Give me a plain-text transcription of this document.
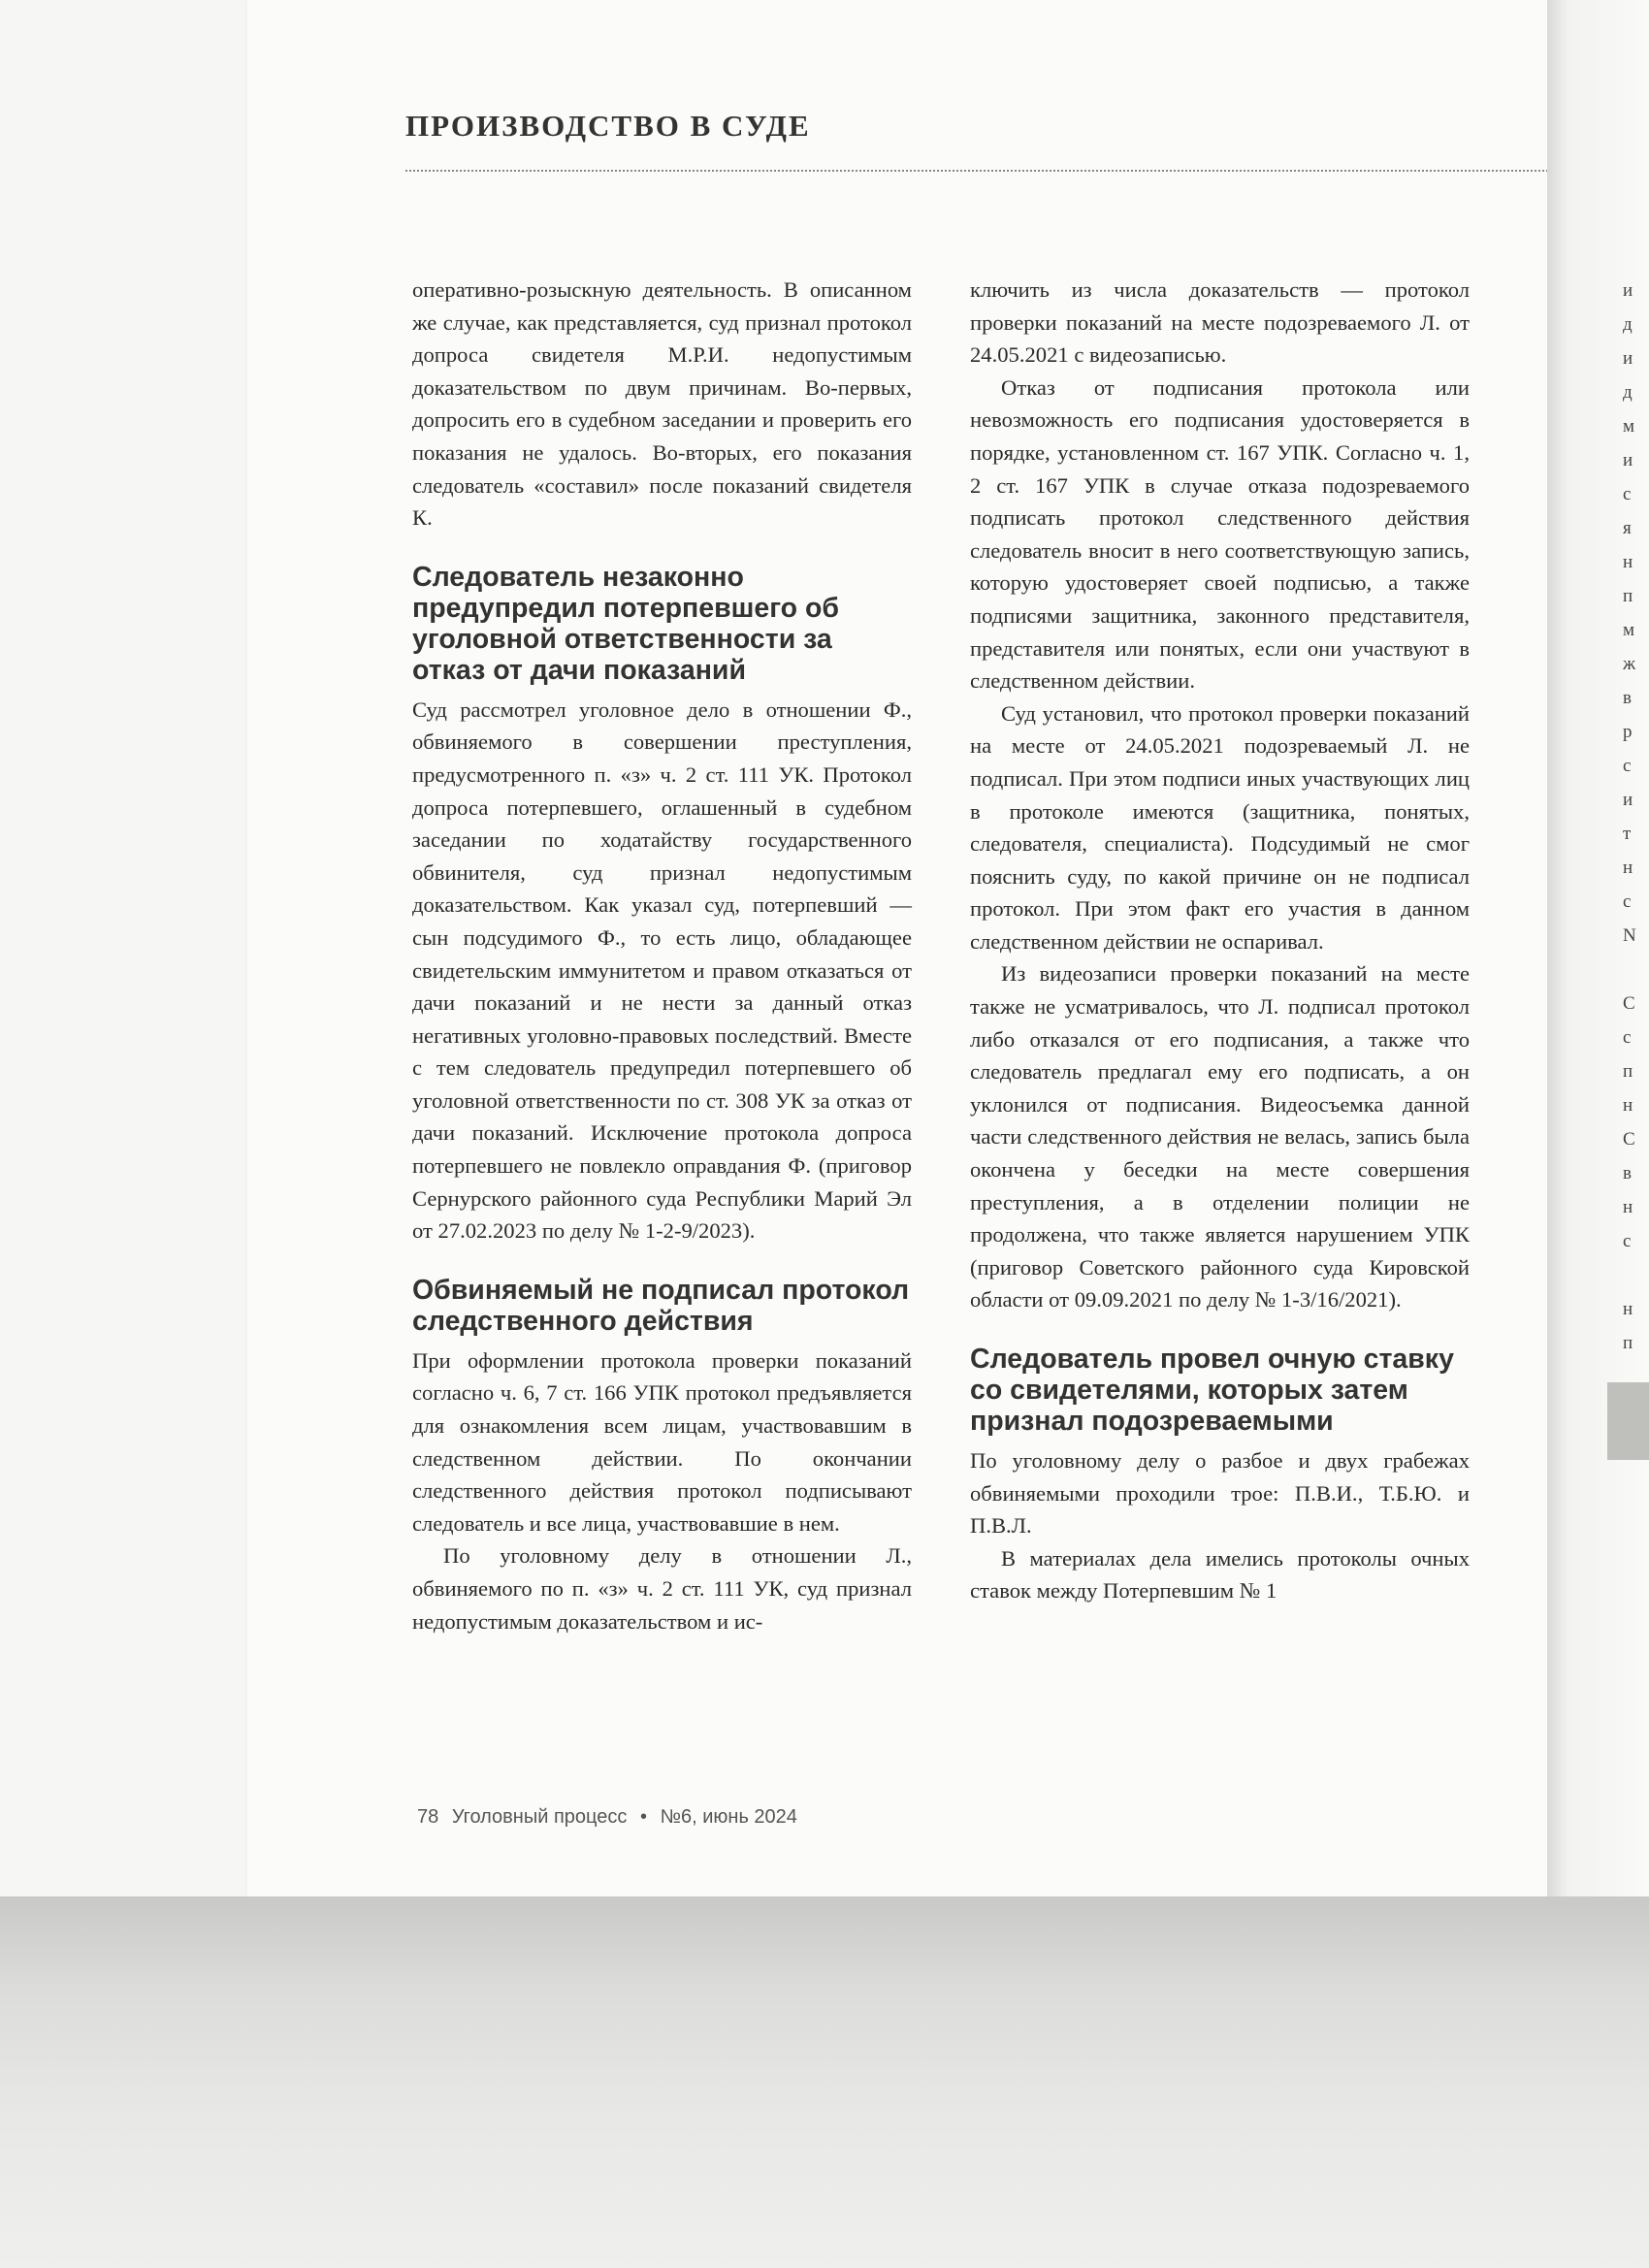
ПРОИЗВОДСТВО В СУДЕ

оперативно-розыскную деятельность. В описанном же случае, как представляется, суд признал протокол допроса свидетеля М.Р.И. недопустимым доказательством по двум причинам. Во-первых, допросить его в судебном заседании и проверить его показания не удалось. Во-вторых, его показания следователь «составил» после показаний свидетеля К.

Следователь незаконно предупредил потерпевшего об уголовной ответственности за отказ от дачи показаний

Суд рассмотрел уголовное дело в отношении Ф., обвиняемого в совершении преступления, предусмотренного п. «з» ч. 2 ст. 111 УК. Протокол допроса потерпевшего, оглашенный в судебном заседании по ходатайству государственного обвинителя, суд признал недопустимым доказательством. Как указал суд, потерпевший — сын подсудимого Ф., то есть лицо, обладающее свидетельским иммунитетом и правом отказаться от дачи показаний и не нести за данный отказ негативных уголовно-правовых последствий. Вместе с тем следователь предупредил потерпевшего об уголовной ответственности по ст. 308 УК за отказ от дачи показаний. Исключение протокола допроса потерпевшего не повлекло оправдания Ф. (приговор Сернурского районного суда Республики Марий Эл от 27.02.2023 по делу № 1-2-9/2023).

Обвиняемый не подписал протокол следственного действия

При оформлении протокола проверки показаний согласно ч. 6, 7 ст. 166 УПК протокол предъявляется для ознакомления всем лицам, участвовавшим в следственном действии. По окончании следственного действия протокол подписывают следователь и все лица, участвовавшие в нем.

По уголовному делу в отношении Л., обвиняемого по п. «з» ч. 2 ст. 111 УК, суд признал недопустимым доказательством и ис-

ключить из числа доказательств — протокол проверки показаний на месте подозреваемого Л. от 24.05.2021 с видеозаписью.

Отказ от подписания протокола или невозможность его подписания удостоверяется в порядке, установленном ст. 167 УПК. Согласно ч. 1, 2 ст. 167 УПК в случае отказа подозреваемого подписать протокол следственного действия следователь вносит в него соответствующую запись, которую удостоверяет своей подписью, а также подписями защитника, законного представителя, представителя или понятых, если они участвуют в следственном действии.

Суд установил, что протокол проверки показаний на месте от 24.05.2021 подозреваемый Л. не подписал. При этом подписи иных участвующих лиц в протоколе имеются (защитника, понятых, следователя, специалиста). Подсудимый не смог пояснить суду, по какой причине он не подписал протокол. При этом факт его участия в данном следственном действии не оспаривал.

Из видеозаписи проверки показаний на месте также не усматривалось, что Л. подписал протокол либо отказался от его подписания, а также что следователь предлагал ему его подписать, а он уклонился от подписания. Видеосъемка данной части следственного действия не велась, запись была окончена у беседки на месте совершения преступления, а в отделении полиции не продолжена, что также является нарушением УПК (приговор Советского районного суда Кировской области от 09.09.2021 по делу № 1-3/16/2021).

Следователь провел очную ставку со свидетелями, которых затем признал подозреваемыми

По уголовному делу о разбое и двух грабежах обвиняемыми проходили трое: П.В.И., Т.Б.Ю. и П.В.Л.

В материалах дела имелись протоколы очных ставок между Потерпевшим № 1

и
д
и
д
м
и
с
я
н
п
м
ж
в
р
с
и
т
н
с
N
С
с
п
н
С
в
н
с
н
п

78 Уголовный процесс • №6, июнь 2024
